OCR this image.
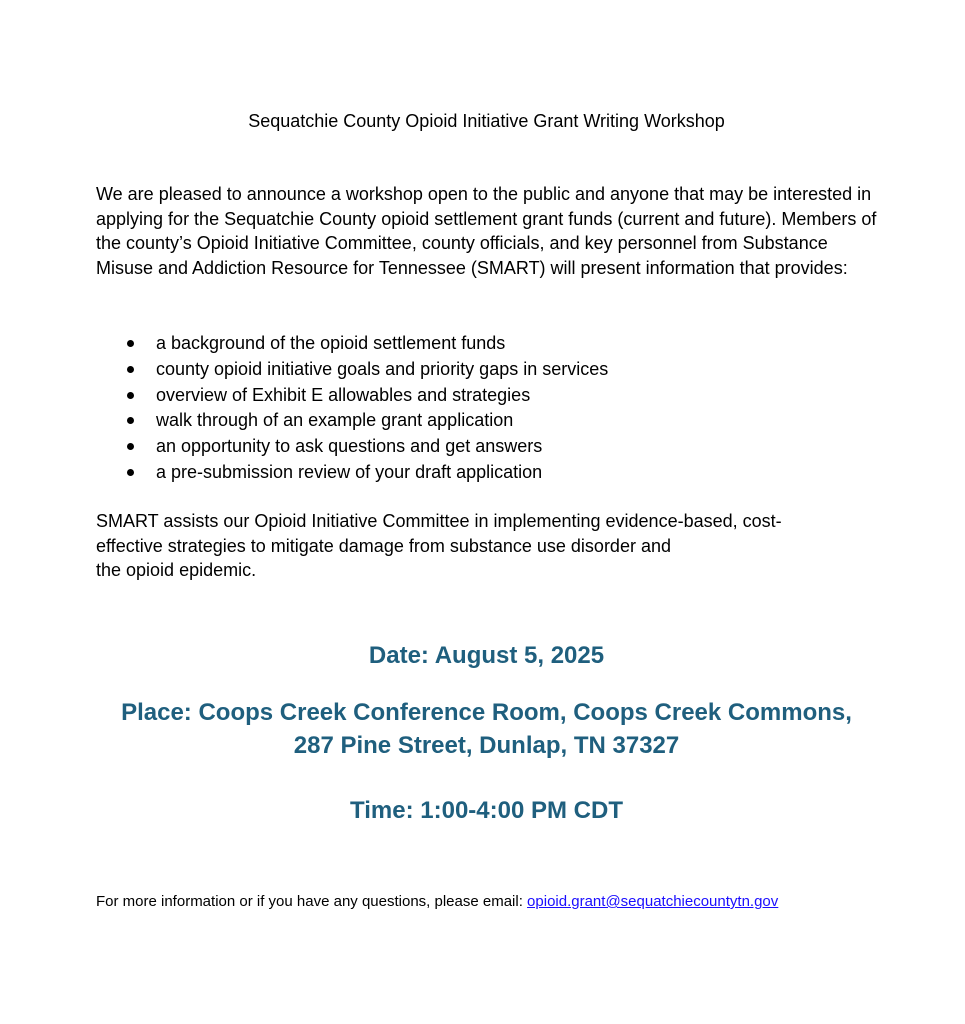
Sequatchie County Opioid Initiative Grant Writing Workshop

We are pleased to announce a workshop open to the public and anyone that may be interested in applying for the Sequatchie County opioid settlement grant funds (current and future). Members of the county’s Opioid Initiative Committee, county officials, and key personnel from Substance Misuse and Addiction Resource for Tennessee (SMART) will present information that provides:

a background of the opioid settlement funds
county opioid initiative goals and priority gaps in services
overview of Exhibit E allowables and strategies
walk through of an example grant application
an opportunity to ask questions and get answers
a pre-submission review of your draft application

SMART assists our Opioid Initiative Committee in implementing evidence-based, cost-
effective strategies to mitigate damage from substance use disorder and
the opioid epidemic.

Date: August 5, 2025
Place: Coops Creek Conference Room, Coops Creek Commons,
287 Pine Street, Dunlap, TN 37327
Time: 1:00-4:00 PM CDT
For more information or if you have any questions, please email: opioid.grant@sequatchiecountytn.gov
